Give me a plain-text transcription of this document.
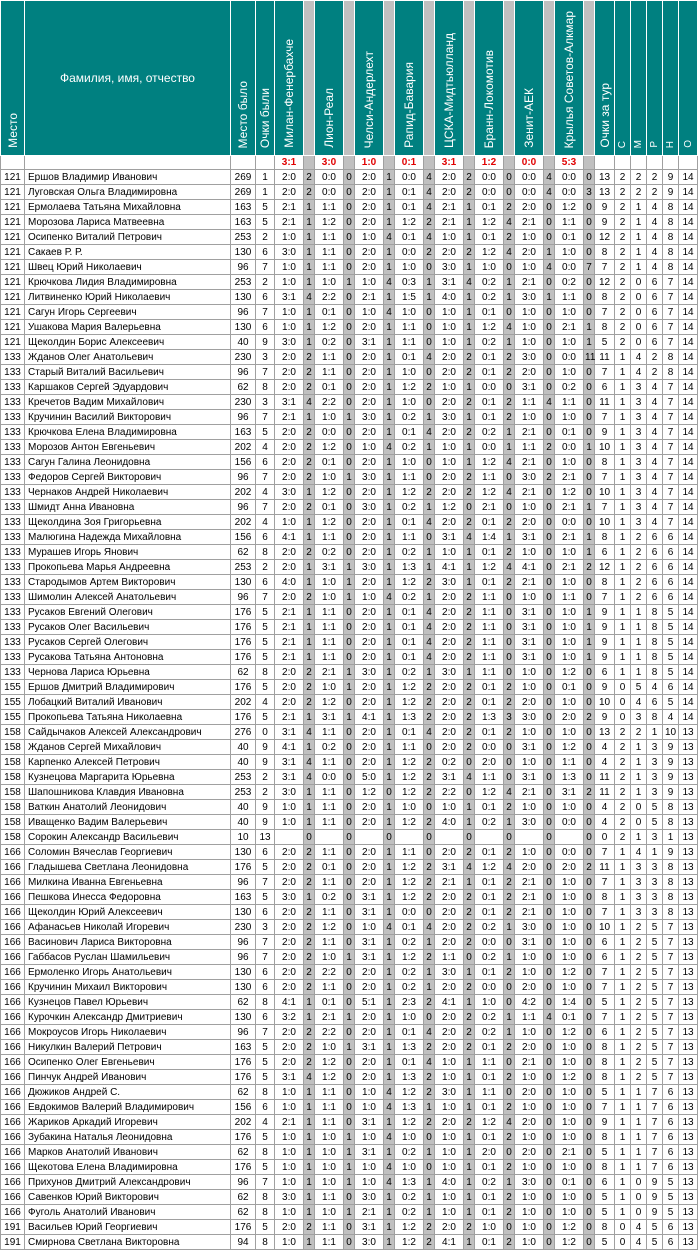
Место	Фамилия, имя, отчество	Место было	Очки были	Милан-Фенербахче		Лион-Реал		Челси-Андерлехт		Рапид-Бавария		ЦСКА-Мидтьюлланд		Бранн-Локомотив		Зенит-АЕК		Крылья Советов-Алкмар		Очки за тур	С	М	Р	Н	О
				3:1		3:0		1:0		0:1		3:1		1:2		0:0		5:3							
121	Ершов Владимир Иванович	269	1	2:0	2	0:0	0	2:0	1	0:0	4	2:0	2	0:0	0	0:0	4	0:0	0	13	2	2	2	9	14
121	Луговская Ольга Владимировна	269	1	2:0	2	0:0	0	2:0	1	0:1	4	2:0	2	0:0	0	0:0	4	0:0	3	13	2	2	2	9	14
121	Ермолаева Татьяна Михайловна	163	5	2:1	1	1:1	0	2:0	1	0:1	4	2:1	1	0:1	2	2:0	0	1:2	0	9	2	1	4	8	14
121	Морозова Лариса Матвеевна	163	5	2:1	1	1:2	0	2:0	1	1:2	2	2:1	1	1:2	4	2:1	0	1:1	0	9	2	1	4	8	14
121	Осипенко Виталий Петрович	253	2	1:0	1	1:1	0	1:0	4	0:1	4	1:0	1	0:1	2	1:0	0	0:1	0	12	2	1	4	8	14
121	Сакаев Р. Р.	130	6	3:0	1	1:1	0	2:0	1	0:0	2	2:0	2	1:2	4	2:0	1	1:0	0	8	2	1	4	8	14
121	Швец Юрий Николаевич	96	7	1:0	1	1:1	0	2:0	1	1:0	0	3:0	1	1:0	0	1:0	4	0:0	7	7	2	1	4	8	14
121	Крючкова Лидия Владимировна	253	2	1:0	1	1:0	1	1:0	4	0:3	1	3:1	4	0:2	1	2:1	0	0:2	0	12	2	0	6	7	14
121	Литвиненко Юрий Николаевич	130	6	3:1	4	2:2	0	2:1	1	1:5	1	4:0	1	0:2	1	3:0	1	1:1	0	8	2	0	6	7	14
121	Сагун Игорь Сергеевич	96	7	1:0	1	0:1	0	1:0	4	1:0	0	1:0	1	0:1	0	1:0	0	1:0	0	7	2	0	6	7	14
121	Ушакова Мария Валерьевна	130	6	1:0	1	1:2	0	2:0	1	1:1	0	1:0	1	1:2	4	1:0	0	2:1	1	8	2	0	6	7	14
121	Щеколдин Борис Алексеевич	40	9	3:0	1	0:2	0	3:1	1	1:1	0	1:0	1	0:2	1	1:0	0	1:0	1	5	2	0	6	7	14
133	Жданов Олег Анатольевич	230	3	2:0	2	1:1	0	2:0	1	0:1	4	2:0	2	0:1	2	3:0	0	0:0	11	11	1	4	2	8	14
133	Старый Виталий Васильевич	96	7	2:0	2	1:1	0	2:0	1	1:0	0	2:0	2	0:1	2	2:0	0	1:0	0	7	1	4	2	8	14
133	Каршаков Сергей Эдуардович	62	8	2:0	2	0:1	0	2:0	1	1:2	2	1:0	1	0:0	0	3:1	0	0:2	0	6	1	3	4	7	14
133	Кречетов Вадим Михайлович	230	3	3:1	4	2:2	0	2:0	1	1:0	0	2:0	2	0:1	2	1:1	4	1:1	0	11	1	3	4	7	14
133	Кручинин Василий Викторович	96	7	2:1	1	1:0	1	3:0	1	0:2	1	3:0	1	0:1	2	1:0	0	1:0	0	7	1	3	4	7	14
133	Крючкова Елена Владимировна	163	5	2:0	2	0:0	0	2:0	1	0:1	4	2:0	2	0:2	1	2:1	0	0:1	0	9	1	3	4	7	14
133	Морозов Антон Евгеньевич	202	4	2:0	2	1:2	0	1:0	4	0:2	1	1:0	1	0:0	1	1:1	2	0:0	1	10	1	3	4	7	14
133	Сагун Галина Леонидовна	156	6	2:0	2	0:1	0	2:0	1	1:0	0	1:0	1	1:2	4	2:1	0	1:0	0	8	1	3	4	7	14
133	Федоров Сергей Викторович	96	7	2:0	2	1:0	1	3:0	1	1:1	0	2:0	2	1:1	0	3:0	2	2:1	0	7	1	3	4	7	14
133	Чернаков Андрей Николаевич	202	4	3:0	1	1:2	0	2:0	1	1:2	2	2:0	2	1:2	4	2:1	0	1:2	0	10	1	3	4	7	14
133	Шмидт Анна Ивановна	96	7	2:0	2	0:1	0	3:0	1	0:2	1	1:2	0	2:1	0	1:0	0	2:1	1	7	1	3	4	7	14
133	Щеколдина Зоя Григорьевна	202	4	1:0	1	1:2	0	2:0	1	0:1	4	2:0	2	0:1	2	2:0	0	0:0	0	10	1	3	4	7	14
133	Малюгина Надежда Михайловна	156	6	4:1	1	1:1	0	2:0	1	1:1	0	3:1	4	1:4	1	3:1	0	2:1	1	8	1	2	6	6	14
133	Мурашев Игорь Янович	62	8	2:0	2	0:2	0	2:0	1	0:2	1	1:0	1	0:1	2	1:0	0	1:0	1	6	1	2	6	6	14
133	Прокопьева Марья Андреевна	253	2	2:0	1	3:1	1	3:0	1	1:3	1	4:1	1	1:2	4	4:1	0	2:1	2	12	1	2	6	6	14
133	Стародымов Артем Викторович	130	6	4:0	1	1:0	1	2:0	1	1:2	2	3:0	1	0:1	2	2:1	0	1:0	0	8	1	2	6	6	14
133	Шимолин Алексей Анатольевич	96	7	2:0	2	1:0	1	1:0	4	0:2	1	2:0	2	1:1	0	1:0	0	1:1	0	7	1	2	6	6	14
133	Русаков Евгений Олегович	176	5	2:1	1	1:1	0	2:0	1	0:1	4	2:0	2	1:1	0	3:1	0	1:0	1	9	1	1	8	5	14
133	Русаков Олег Васильевич	176	5	2:1	1	1:1	0	2:0	1	0:1	4	2:0	2	1:1	0	3:1	0	1:0	1	9	1	1	8	5	14
133	Русаков Сергей Олегович	176	5	2:1	1	1:1	0	2:0	1	0:1	4	2:0	2	1:1	0	3:1	0	1:0	1	9	1	1	8	5	14
133	Русакова Татьяна Антоновна	176	5	2:1	1	1:1	0	2:0	1	0:1	4	2:0	2	1:1	0	3:1	0	1:0	1	9	1	1	8	5	14
133	Чернова Лариса Юрьевна	62	8	2:0	2	2:1	1	3:0	1	0:2	1	3:0	1	1:1	0	1:0	0	1:2	0	6	1	1	8	5	14
155	Ершов Дмитрий Владимирович	176	5	2:0	2	1:0	1	2:0	1	1:2	2	2:0	2	0:1	2	1:0	0	0:1	0	9	0	5	4	6	14
155	Лобацкий Виталий Иванович	202	4	2:0	2	1:2	0	2:0	1	1:2	2	2:0	2	0:1	2	2:0	0	1:0	0	10	0	4	6	5	14
155	Прокопьева Татьяна Николаевна	176	5	2:1	1	3:1	1	4:1	1	1:3	2	2:0	2	1:3	3	3:0	0	2:0	2	9	0	3	8	4	14
158	Сайдычаков Алексей Александрович	276	0	3:1	4	1:1	0	2:0	1	0:1	4	2:0	2	0:1	2	1:0	0	1:0	0	13	2	2	1	10	13
158	Жданов Сергей Михайлович	40	9	4:1	1	0:2	0	2:0	1	1:1	0	2:0	2	0:0	0	3:1	0	1:2	0	4	2	1	3	9	13
158	Карпенко Алексей Петрович	40	9	3:1	4	1:1	0	2:0	1	1:2	2	0:2	0	2:0	0	1:0	0	1:1	0	4	2	1	3	9	13
158	Кузнецова Маргарита Юрьевна	253	2	3:1	4	0:0	0	5:0	1	1:2	2	3:1	4	1:1	0	3:1	0	1:3	0	11	2	1	3	9	13
158	Шапошникова Клавдия Ивановна	253	2	3:0	1	1:1	0	1:2	0	1:2	2	2:2	0	1:2	4	2:1	0	3:1	2	11	2	1	3	9	13
158	Ваткин Анатолий Леонидович	40	9	1:0	1	1:1	0	2:0	1	1:0	0	1:0	1	0:1	2	1:0	0	1:0	0	4	2	0	5	8	13
158	Иващенко Вадим Валерьевич	40	9	1:0	1	1:1	0	2:0	1	1:2	2	4:0	1	0:2	1	3:0	0	0:0	0	4	2	0	5	8	13
158	Сорокин Александр Васильевич	10	13		0		0		0		0		0		0		0		0	0	2	1	3	1	13
166	Соломин Вячеслав Георгиевич	130	6	2:0	2	1:1	0	2:0	1	1:1	0	2:0	2	0:1	2	1:0	0	0:0	0	7	1	4	1	9	13
166	Гладышева Светлана Леонидовна	176	5	2:0	2	0:1	0	2:0	1	1:2	2	3:1	4	1:2	4	2:0	0	2:0	2	11	1	3	3	8	13
166	Милкина Иванна Евгеньевна	96	7	2:0	2	1:1	0	2:0	1	1:2	2	2:1	1	0:1	2	2:1	0	1:0	0	7	1	3	3	8	13
166	Пешкова Инесса Федоровна	163	5	3:0	1	0:2	0	3:1	1	1:2	2	2:0	2	0:1	2	2:1	0	1:0	0	8	1	3	3	8	13
166	Щеколдин Юрий Алексеевич	130	6	2:0	2	1:1	0	3:1	1	0:0	0	2:0	2	0:1	2	2:1	0	1:0	0	7	1	3	3	8	13
166	Афанасьев Николай Игоревич	230	3	2:0	2	1:2	0	1:0	4	0:1	4	2:0	2	0:2	1	3:0	0	1:0	0	10	1	2	5	7	13
166	Васинович Лариса Викторовна	96	7	2:0	2	1:1	0	3:1	1	0:2	1	2:0	2	0:0	0	3:1	0	1:0	0	6	1	2	5	7	13
166	Габбасов Руслан Шамильевич	96	7	2:0	2	1:0	1	3:1	1	1:2	2	1:1	0	0:2	1	1:0	0	1:0	0	6	1	2	5	7	13
166	Ермоленко Игорь Анатольевич	130	6	2:0	2	2:2	0	2:0	1	0:2	1	3:0	1	0:1	2	1:0	0	1:2	0	7	1	2	5	7	13
166	Кручинин Михаил Викторович	130	6	2:0	2	1:1	0	2:0	1	0:2	1	2:0	2	0:0	0	2:0	0	1:0	0	7	1	2	5	7	13
166	Кузнецов Павел Юрьевич	62	8	4:1	1	0:1	0	5:1	1	2:3	2	4:1	1	1:0	0	4:2	0	1:4	0	5	1	2	5	7	13
166	Курочкин Александр Дмитриевич	130	6	3:2	1	2:1	1	2:0	1	1:0	0	2:0	2	0:2	1	1:1	4	0:1	0	7	1	2	5	7	13
166	Мокроусов Игорь Николаевич	96	7	2:0	2	2:2	0	2:0	1	0:1	4	2:0	2	0:2	1	1:0	0	1:2	0	6	1	2	5	7	13
166	Никулкин Валерий Петрович	163	5	2:0	2	1:0	1	3:1	1	1:3	2	2:0	2	0:1	2	2:0	0	1:0	0	8	1	2	5	7	13
166	Осипенко Олег Евгеньевич	176	5	2:0	2	1:2	0	2:0	1	0:1	4	1:0	1	1:1	0	2:1	0	1:0	0	8	1	2	5	7	13
166	Пинчук Андрей Иванович	176	5	3:1	4	1:2	0	2:0	1	1:3	2	1:0	1	0:1	2	1:0	0	1:2	0	8	1	2	5	7	13
166	Дюжиков Андрей С.	62	8	1:0	1	1:1	0	1:0	4	1:2	2	3:0	1	1:1	0	2:0	0	1:0	0	5	1	1	7	6	13
166	Евдокимов Валерий Владимирович	156	6	1:0	1	1:1	0	1:0	4	1:3	1	1:0	1	0:1	2	1:0	0	1:0	0	7	1	1	7	6	13
166	Жариков Аркадий Игоревич	202	4	2:1	1	1:1	0	3:1	1	1:2	2	2:0	2	1:2	4	2:0	0	1:0	0	9	1	1	7	6	13
166	Зубакина Наталья Леонидовна	176	5	1:0	1	1:0	1	1:0	4	1:0	0	1:0	1	0:1	2	1:0	0	1:0	0	8	1	1	7	6	13
166	Марков Анатолий Иванович	62	8	1:0	1	1:0	1	3:1	1	0:2	1	1:0	1	2:0	0	2:0	0	2:1	0	5	1	1	7	6	13
166	Щекотова Елена Владимировна	176	5	1:0	1	1:0	1	1:0	4	1:0	0	1:0	1	0:1	2	1:0	0	1:0	0	8	1	1	7	6	13
166	Прихунов Дмитрий Александрович	96	7	1:0	1	1:0	1	1:0	4	1:3	1	4:0	1	0:2	1	3:0	0	0:1	0	6	1	0	9	5	13
166	Савенков Юрий Викторович	62	8	3:0	1	1:1	0	3:0	1	0:2	1	1:0	1	0:1	2	1:0	0	1:0	0	5	1	0	9	5	13
166	Фуголь Анатолий Иванович	62	8	1:0	1	1:0	1	2:1	1	0:2	1	1:0	1	0:1	2	1:0	0	1:0	0	5	1	0	9	5	13
191	Васильев Юрий Георгиевич	176	5	2:0	2	1:1	0	3:1	1	1:2	2	2:0	2	1:0	0	1:0	0	1:2	0	8	0	4	5	6	13
191	Смирнова Светлана Викторовна	94	8	1:0	1	1:1	0	3:0	1	1:2	2	4:1	1	0:1	2	1:0	0	1:2	0	5	0	4	5	6	13
